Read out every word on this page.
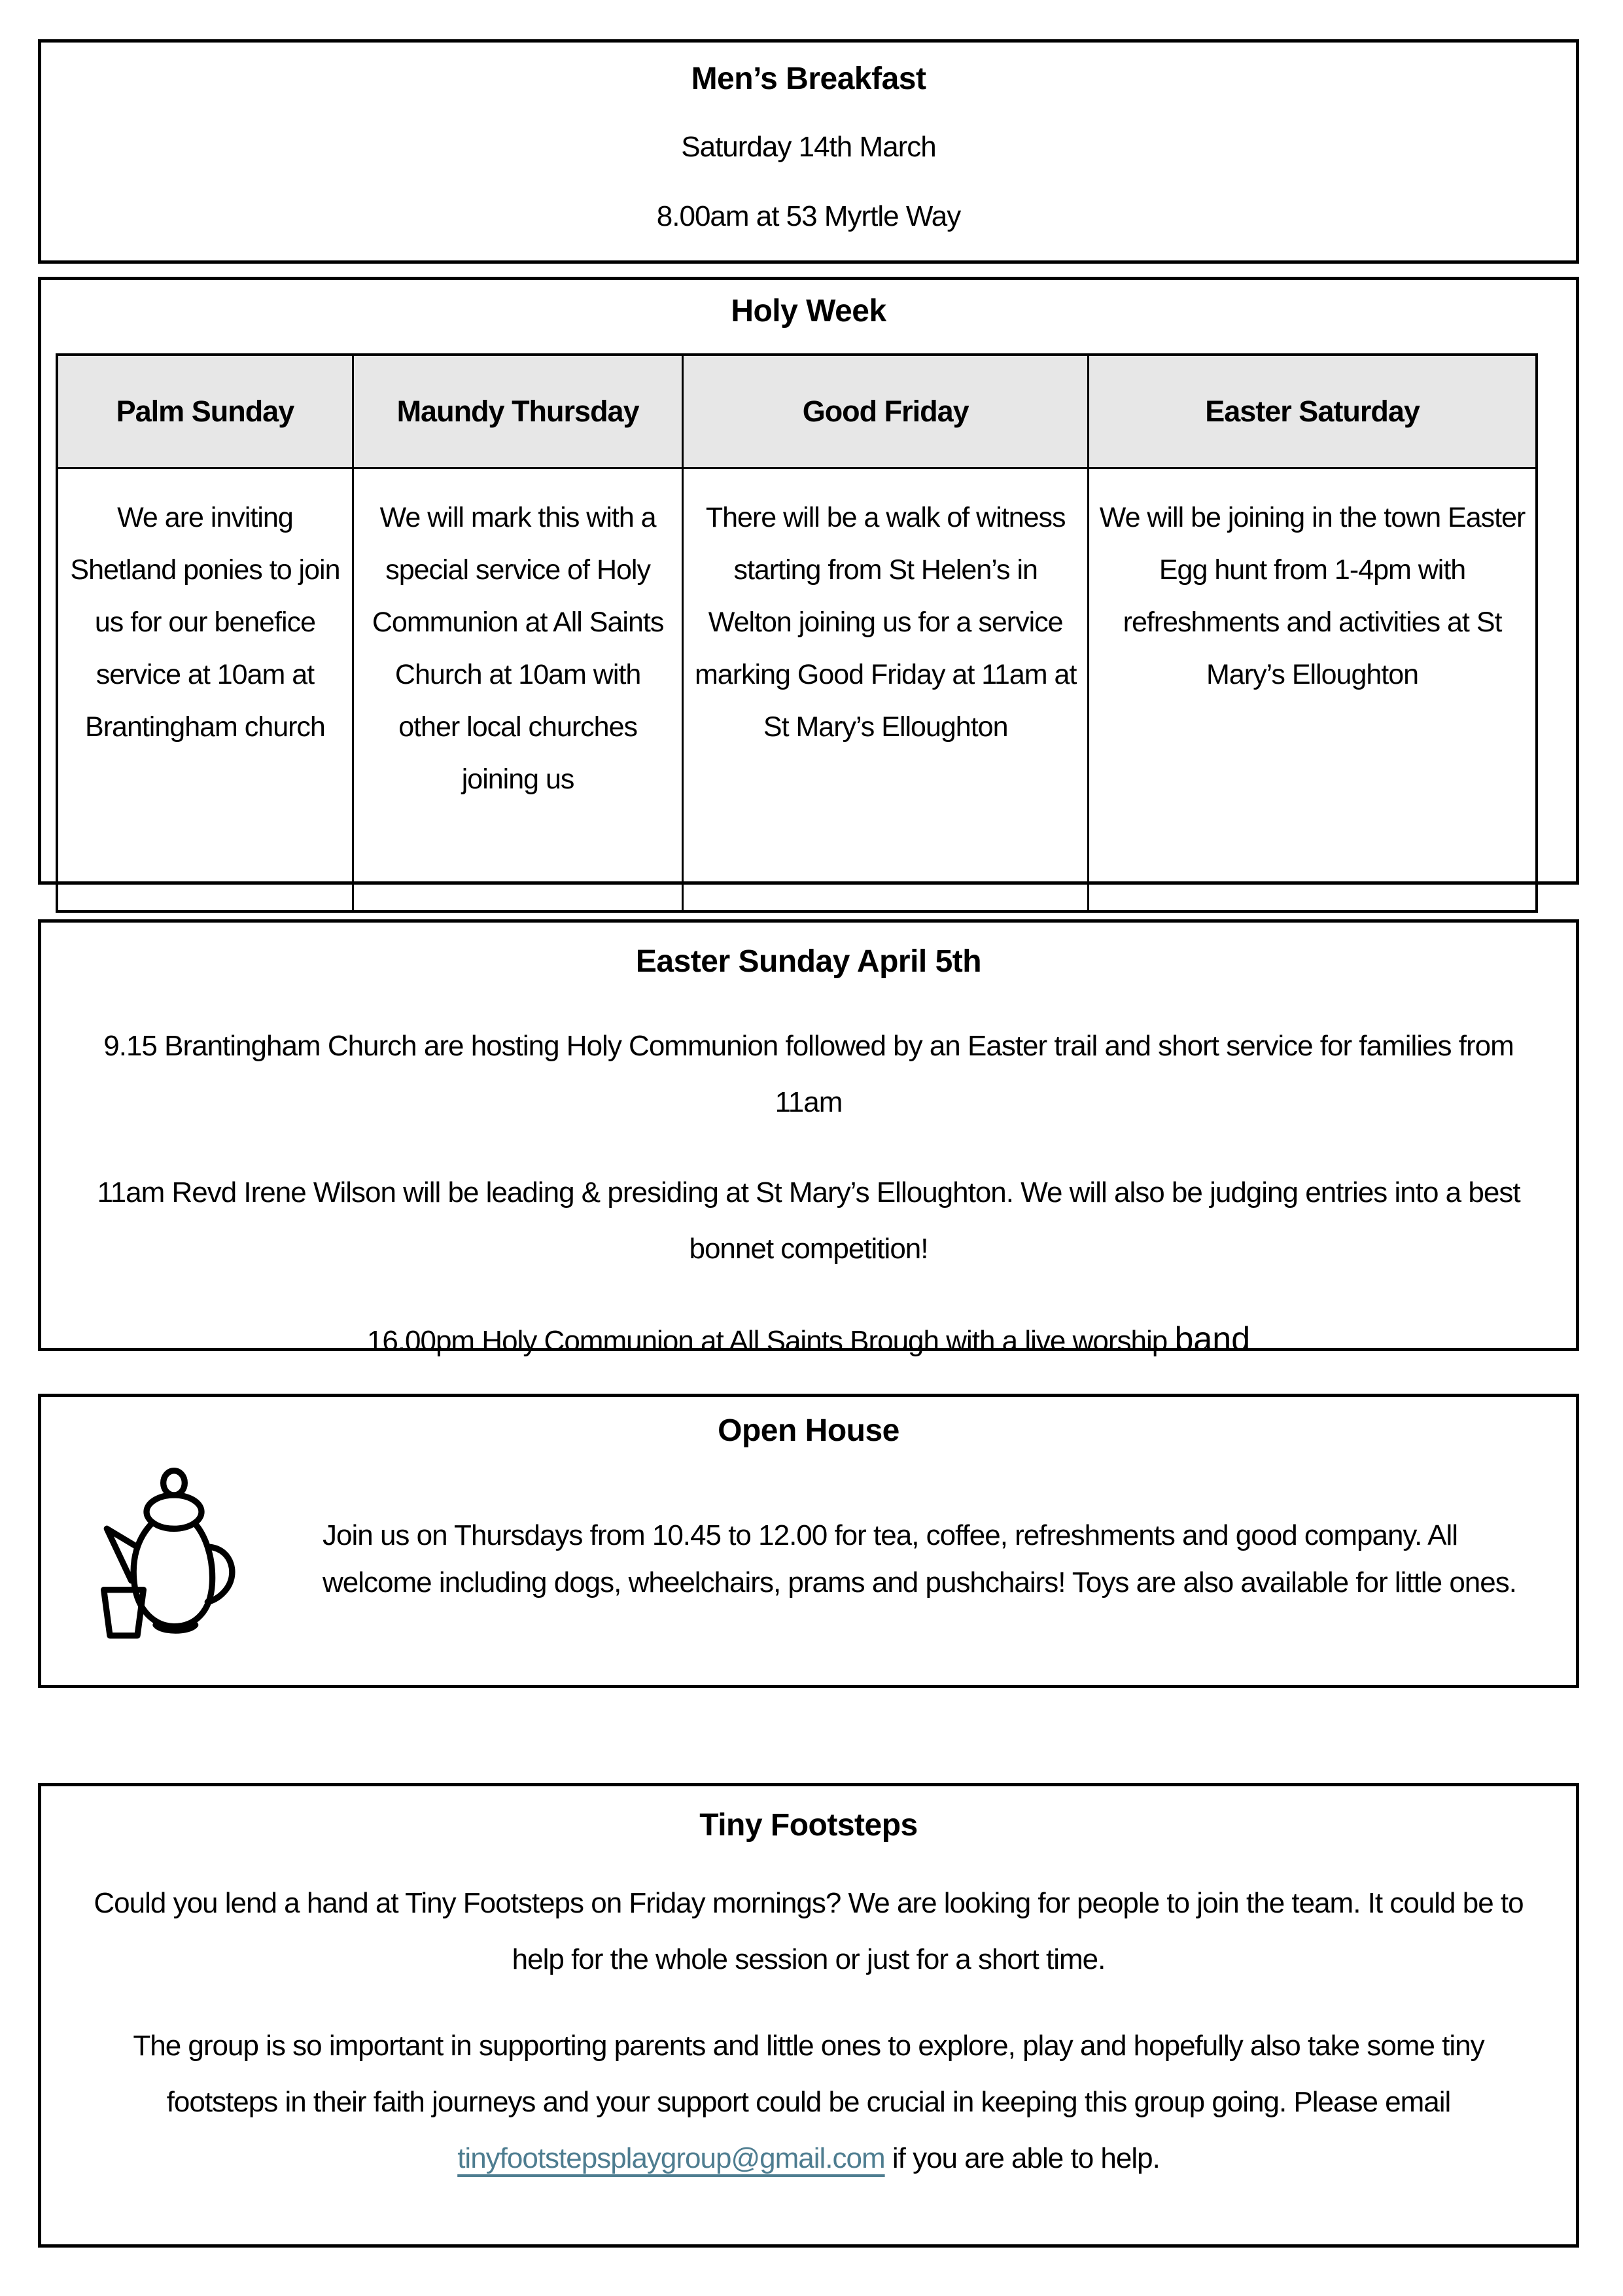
Men’s Breakfast
Saturday 14th March
8.00am at 53 Myrtle Way
Holy Week
Palm Sunday	Maundy Thursday	Good Friday	Easter Saturday
We are inviting Shetland ponies to join us for our benefice service at 10am at Brantingham church	We will mark this with a special service of Holy Communion at All Saints Church at 10am with other local churches joining us	There will be a walk of witness starting from St Helen’s in Welton joining us for a service marking Good Friday at 11am at St Mary’s Elloughton	We will be joining in the town Easter Egg hunt from 1-4pm with refreshments and activities at St Mary’s Elloughton
Easter Sunday April 5th

9.15 Brantingham Church are hosting Holy Communion followed by an Easter trail and short service for families from 11am

11am Revd Irene Wilson will be leading & presiding at St Mary’s Elloughton. We will also be judging entries into a best bonnet competition!

16.00pm Holy Communion at All Saints Brough with a live worship band

Open House
Join us on Thursdays from 10.45 to 12.00 for tea, coffee, refreshments and good company. All welcome including dogs, wheelchairs, prams and pushchairs! Toys are also available for little ones.
Tiny Footsteps

Could you lend a hand at Tiny Footsteps on Friday mornings? We are looking for people to join the team. It could be to help for the whole session or just for a short time.

The group is so important in supporting parents and little ones to explore, play and hopefully also take some tiny footsteps in their faith journeys and your support could be crucial in keeping this group going. Please email tinyfootstepsplaygroup@gmail.com if you are able to help.
